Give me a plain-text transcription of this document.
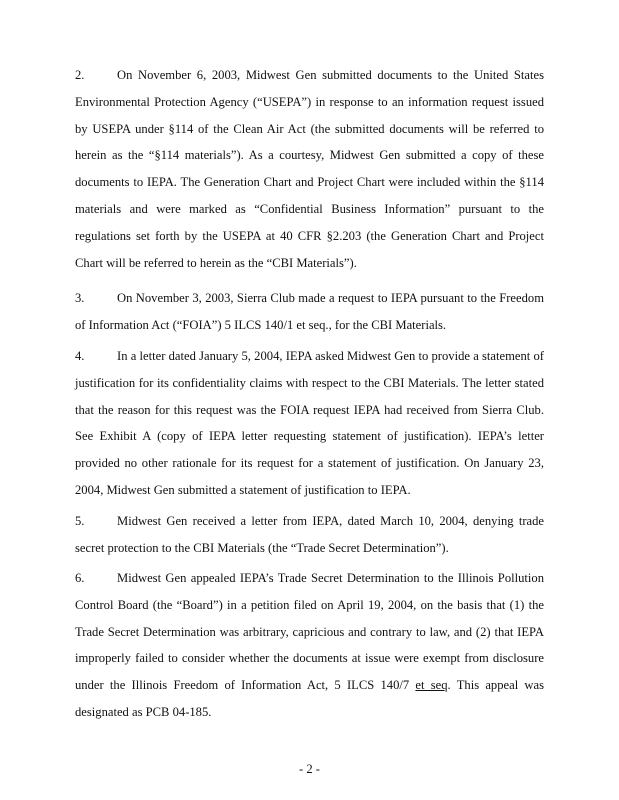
2.	On November 6, 2003, Midwest Gen submitted documents to the United States Environmental Protection Agency (“USEPA”) in response to an information request issued by USEPA under §114 of the Clean Air Act (the submitted documents will be referred to herein as the “§114 materials”). As a courtesy, Midwest Gen submitted a copy of these documents to IEPA. The Generation Chart and Project Chart were included within the §114 materials and were marked as “Confidential Business Information” pursuant to the regulations set forth by the USEPA at 40 CFR §2.203 (the Generation Chart and Project Chart will be referred to herein as the “CBI Materials”).

3.	On November 3, 2003, Sierra Club made a request to IEPA pursuant to the Freedom of Information Act (“FOIA”) 5 ILCS 140/1 et seq., for the CBI Materials.

4.	In a letter dated January 5, 2004, IEPA asked Midwest Gen to provide a statement of justification for its confidentiality claims with respect to the CBI Materials. The letter stated that the reason for this request was the FOIA request IEPA had received from Sierra Club. See Exhibit A (copy of IEPA letter requesting statement of justification). IEPA’s letter provided no other rationale for its request for a statement of justification. On January 23, 2004, Midwest Gen submitted a statement of justification to IEPA.

5.	Midwest Gen received a letter from IEPA, dated March 10, 2004, denying trade secret protection to the CBI Materials (the “Trade Secret Determination”).

6.	Midwest Gen appealed IEPA’s Trade Secret Determination to the Illinois Pollution Control Board (the “Board”) in a petition filed on April 19, 2004, on the basis that (1) the Trade Secret Determination was arbitrary, capricious and contrary to law, and (2) that IEPA improperly failed to consider whether the documents at issue were exempt from disclosure under the Illinois Freedom of Information Act, 5 ILCS 140/7 et seq. This appeal was designated as PCB 04-185.

- 2 -
